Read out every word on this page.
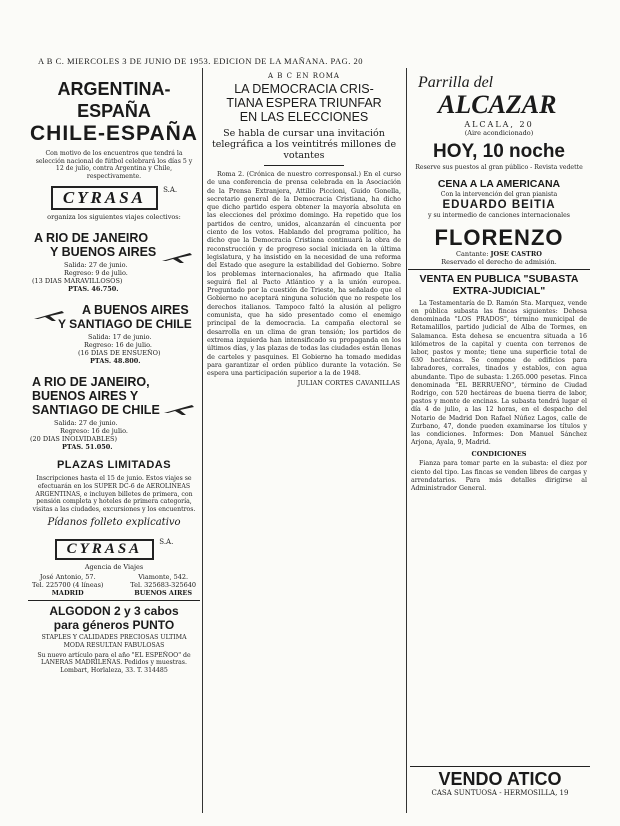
A B C. MIERCOLES 3 DE JUNIO DE 1953. EDICION DE LA MAÑANA. PAG. 20
ARGENTINA-ESPAÑA
CHILE-ESPAÑA
Con motivo de los encuentros que tendrá la selección nacional de fútbol celebrará los días 5 y 12 de julio, contra Argentina y Chile, respectivamente.
CYRASA $^{S.A.}$
organiza los siguientes viajes colectivos:
A RIO DE JANEIRO
Y BUENOS AIRES
Salida: 27 de junio.
Regreso: 9 de julio.
(13 DIAS MARAVILLOSOS)
PTAS. 46.750.
A BUENOS AIRES
Y SANTIAGO DE CHILE
Salida: 17 de junio.
Regreso: 16 de julio.
(16 DIAS DE ENSUEÑO)
PTAS. 48.800.
A RIO DE JANEIRO,
BUENOS AIRES Y
SANTIAGO DE CHILE
Salida: 27 de junio.
Regreso: 16 de julio.
(20 DIAS INOLVIDABLES)
PTAS. 51.050.
PLAZAS LIMITADAS
Inscripciones hasta el 15 de junio. Estos viajes se efectuarán en los SUPER DC-6 de AEROLINEAS ARGENTINAS, e incluyen billetes de primera, con pensión completa y hoteles de primera categoría, visitas a las ciudades, excursiones y los encuentros.
Pídanos folleto explicativo
CYRASA $^{S.A.}$
Agencia de Viajes
José Antonio, 57.
Tel. 225700 (4 líneas)
MADRID
Viamonte, 542.
Tel. 325683-325640
BUENOS AIRES
ALGODON 2 y 3 cabos
para géneros PUNTO
STAPLES Y CALIDADES PRECIOSAS ULTIMA MODA RESULTAN FABULOSAS
Su nuevo artículo para el año "EL ESPEÑOO" de LANERAS MADRILEÑAS. Pedidos y muestras. Lombart, Horlaleza, 33. T. 314485
A B C EN ROMA
LA DEMOCRACIA CRIS-
TIANA ESPERA TRIUNFAR
EN LAS ELECCIONES
Se habla de cursar una invitación telegráfica a los veintitrés millones de votantes
Roma 2. (Crónica de nuestro corresponsal.) En el curso de una conferencia de prensa celebrada en la Asociación de la Prensa Extranjera, Attilio Piccioni, Guido Gonella, secretario general de la Democracia Cristiana, ha dicho que dicho partido espera obtener la mayoría absoluta en las elecciones del próximo domingo. Ha repetido que los partidos de centro, unidos, alcanzarán el cincuenta por ciento de los votos. Hablando del programa político, ha dicho que la Democracia Cristiana continuará la obra de reconstrucción y de progreso social iniciada en la última legislatura, y ha insistido en la necesidad de una reforma del Estado que asegure la estabilidad del Gobierno. Sobre los problemas internacionales, ha afirmado que Italia seguirá fiel al Pacto Atlántico y a la unión europea. Preguntado por la cuestión de Trieste, ha señalado que el Gobierno no aceptará ninguna solución que no respete los derechos italianos. Tampoco faltó la alusión al peligro comunista, que ha sido presentado como el enemigo principal de la democracia. La campaña electoral se desarrolla en un clima de gran tensión; los partidos de extrema izquierda han intensificado su propaganda en los últimos días, y las plazas de todas las ciudades están llenas de carteles y pasquines. El Gobierno ha tomado medidas para garantizar el orden público durante la votación. Se espera una participación superior a la de 1948.
JULIAN CORTES CAVANILLAS
Parrilla del
ALCAZAR
ALCALA, 20
(Aire acondicionado)
HOY, 10 noche
Reserve sus puestos al gran público - Revista vedette
CENA A LA AMERICANA
Con la intervención del gran pianista
EDUARDO BEITIA
y su intermedio de canciones internacionales
FLORENZO
Cantante: JOSE CASTRO
Reservado el derecho de admisión.
VENTA EN PUBLICA "SUBASTA
EXTRA-JUDICIAL"
La Testamentaría de D. Ramón Sta. Marquez, vende en pública subasta las fincas siguientes: Dehesa denominada "LOS PRADOS", término municipal de Retamalillos, partido judicial de Alba de Tormes, en Salamanca. Esta dehesa se encuentra situada a 16 kilómetros de la capital y cuenta con terrenos de labor, pastos y monte; tiene una superficie total de 630 hectáreas. Se compone de edificios para labradores, corrales, tinados y establos, con agua abundante. Tipo de subasta: 1.265.000 pesetas. Finca denominada "EL BERRUEÑO", término de Ciudad Rodrigo, con 520 hectáreas de buena tierra de labor, pastos y monte de encinas. La subasta tendrá lugar el día 4 de julio, a las 12 horas, en el despacho del Notario de Madrid Don Rafael Núñez Lagos, calle de Zurbano, 47, donde pueden examinarse los títulos y las condiciones. Informes: Don Manuel Sánchez Arjona, Ayala, 9, Madrid.
CONDICIONES
Fianza para tomar parte en la subasta: el diez por ciento del tipo. Las fincas se venden libres de cargas y arrendatarios. Para más detalles dirigirse al Administrador General.
VENDO ATICO
CASA SUNTUOSA - HERMOSILLA, 19
